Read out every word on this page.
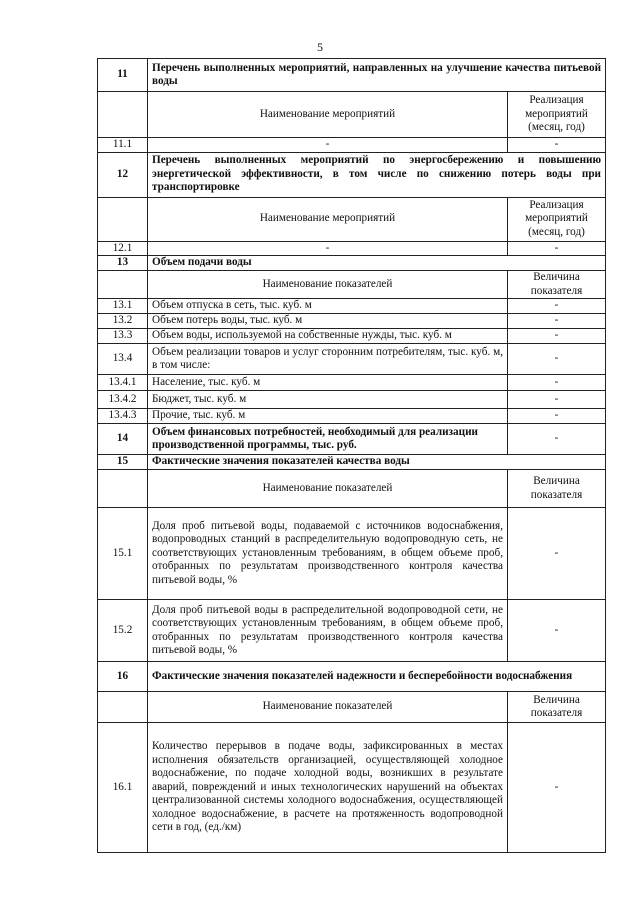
5
11	Перечень выполненных мероприятий, направленных на улучшение качества питьевой воды	
	Наименование мероприятий	Реализация мероприятий (месяц, год)
11.1	-	-
12	Перечень выполненных мероприятий по энергосбережению и повышению энергетической эффективности, в том числе по снижению потерь воды при транспортировке	
	Наименование мероприятий	Реализация мероприятий (месяц, год)
12.1	-	-
13	Объем подачи воды	
	Наименование показателей	Величина показателя
13.1	Объем отпуска в сеть, тыс. куб. м	-
13.2	Объем потерь воды, тыс. куб. м	-
13.3	Объем воды, используемой на собственные нужды, тыс. куб. м	-
13.4	Объем реализации товаров и услуг сторонним потребителям, тыс. куб. м, в том числе:	-
13.4.1	Население, тыс. куб. м	-
13.4.2	Бюджет, тыс. куб. м	-
13.4.3	Прочие, тыс. куб. м	-
14	Объем финансовых потребностей, необходимый для реализации производственной программы, тыс. руб.	-
15	Фактические значения показателей качества воды	
	Наименование показателей	Величина показателя
15.1	Доля проб питьевой воды, подаваемой с источников водоснабжения, водопроводных станций в распределительную водопроводную сеть, не соответствующих установленным требованиям, в общем объеме проб, отобранных по результатам производственного контроля качества питьевой воды, %	-
15.2	Доля проб питьевой воды в распределительной водопроводной сети, не соответствующих установленным требованиям, в общем объеме проб, отобранных по результатам производственного контроля качества питьевой воды, %	-
16	Фактические значения показателей надежности и бесперебойности водоснабжения	
	Наименование показателей	Величина показателя
16.1	Количество перерывов в подаче воды, зафиксированных в местах исполнения обязательств организацией, осуществляющей холодное водоснабжение, по подаче холодной воды, возникших в результате аварий, повреждений и иных технологических нарушений на объектах централизованной системы холодного водоснабжения, осуществляющей холодное водоснабжение, в расчете на протяженность водопроводной сети в год, (ед./км)	-
